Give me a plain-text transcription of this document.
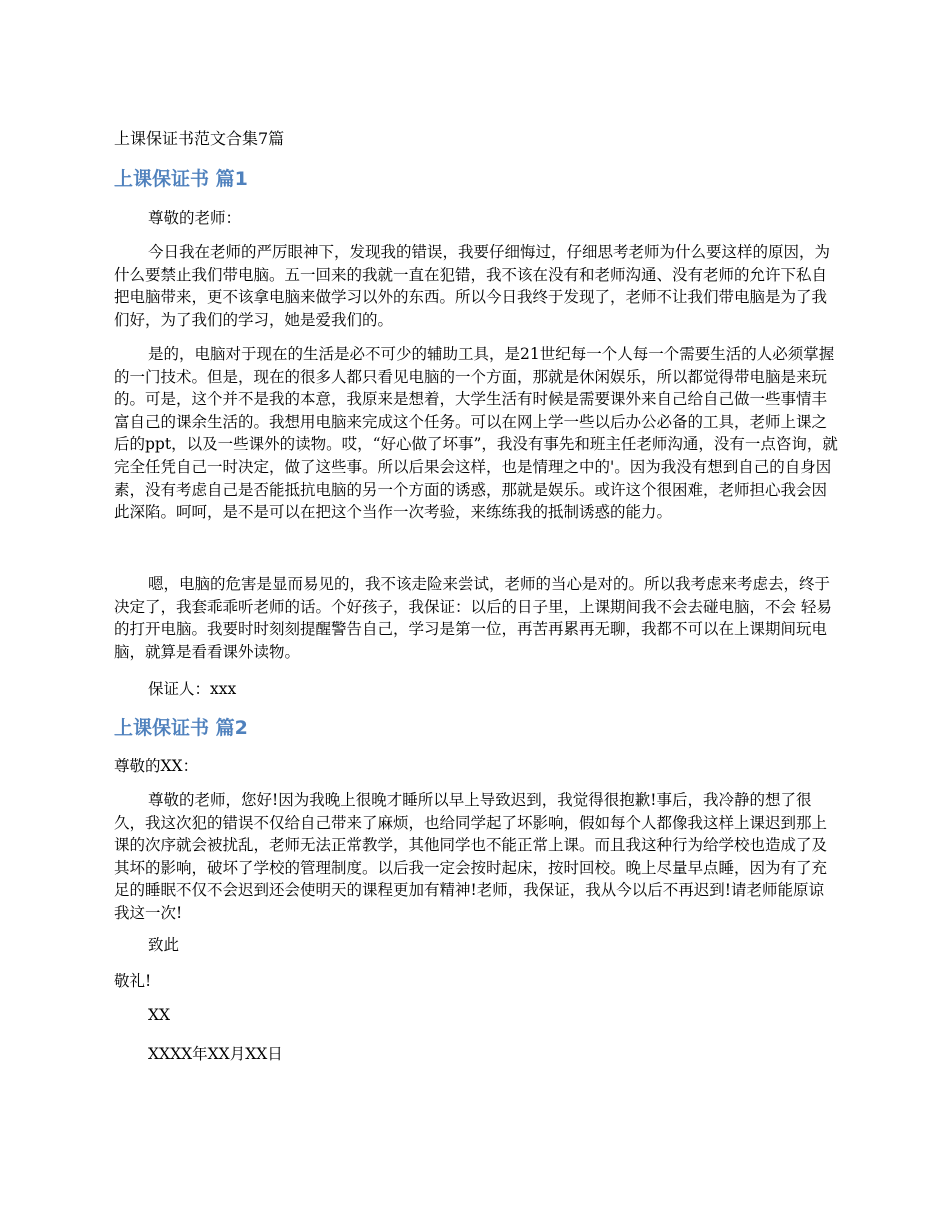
上课保证书范文合集7篇
上课保证书 篇1
尊敬的老师：
今日我在老师的严厉眼神下，发现我的错误，我要仔细悔过，仔细思考老师为什么要这样的原因，为什么要禁止我们带电脑。五一回来的我就一直在犯错，我不该在没有和老师沟通、没有老师的允许下私自把电脑带来，更不该拿电脑来做学习以外的东西。所以今日我终于发现了，老师不让我们带电脑是为了我们好，为了我们的学习，她是爱我们的。
是的，电脑对于现在的生活是必不可少的辅助工具，是21世纪每一个人每一个需要生活的人必须掌握的一门技术。但是，现在的很多人都只看见电脑的一个方面，那就是休闲娱乐，所以都觉得带电脑是来玩的。可是，这个并不是我的本意，我原来是想着，大学生活有时候是需要课外来自己给自己做一些事情丰富自己的课余生活的。我想用电脑来完成这个任务。可以在网上学一些以后办公必备的工具，老师上课之后的ppt，以及一些课外的读物。哎，“好心做了坏事”，我没有事先和班主任老师沟通，没有一点咨询，就完全任凭自己一时决定，做了这些事。所以后果会这样，也是情理之中的'。因为我没有想到自己的自身因素，没有考虑自己是否能抵抗电脑的另一个方面的诱惑，那就是娱乐。或许这个很困难，老师担心我会因此深陷。呵呵，是不是可以在把这个当作一次考验，来练练我的抵制诱惑的能力。
嗯，电脑的危害是显而易见的，我不该走险来尝试，老师的当心是对的。所以我考虑来考虑去，终于决定了，我套乖乖听老师的话。个好孩子，我保证：以后的日子里，上课期间我不会去碰电脑，不会 轻易的打开电脑。我要时时刻刻提醒警告自己，学习是第一位，再苦再累再无聊，我都不可以在上课期间玩电脑，就算是看看课外读物。
保证人：xxx
上课保证书 篇2
尊敬的XX：
尊敬的老师，您好!因为我晚上很晚才睡所以早上导致迟到，我觉得很抱歉!事后，我冷静的想了很久，我这次犯的错误不仅给自己带来了麻烦，也给同学起了坏影响，假如每个人都像我这样上课迟到那上课的次序就会被扰乱，老师无法正常教学，其他同学也不能正常上课。而且我这种行为给学校也造成了及其坏的影响，破坏了学校的管理制度。以后我一定会按时起床，按时回校。晚上尽量早点睡，因为有了充足的睡眠不仅不会迟到还会使明天的课程更加有精神!老师，我保证，我从今以后不再迟到!请老师能原谅我这一次!
致此
敬礼!
XX
XXXX年XX月XX日
